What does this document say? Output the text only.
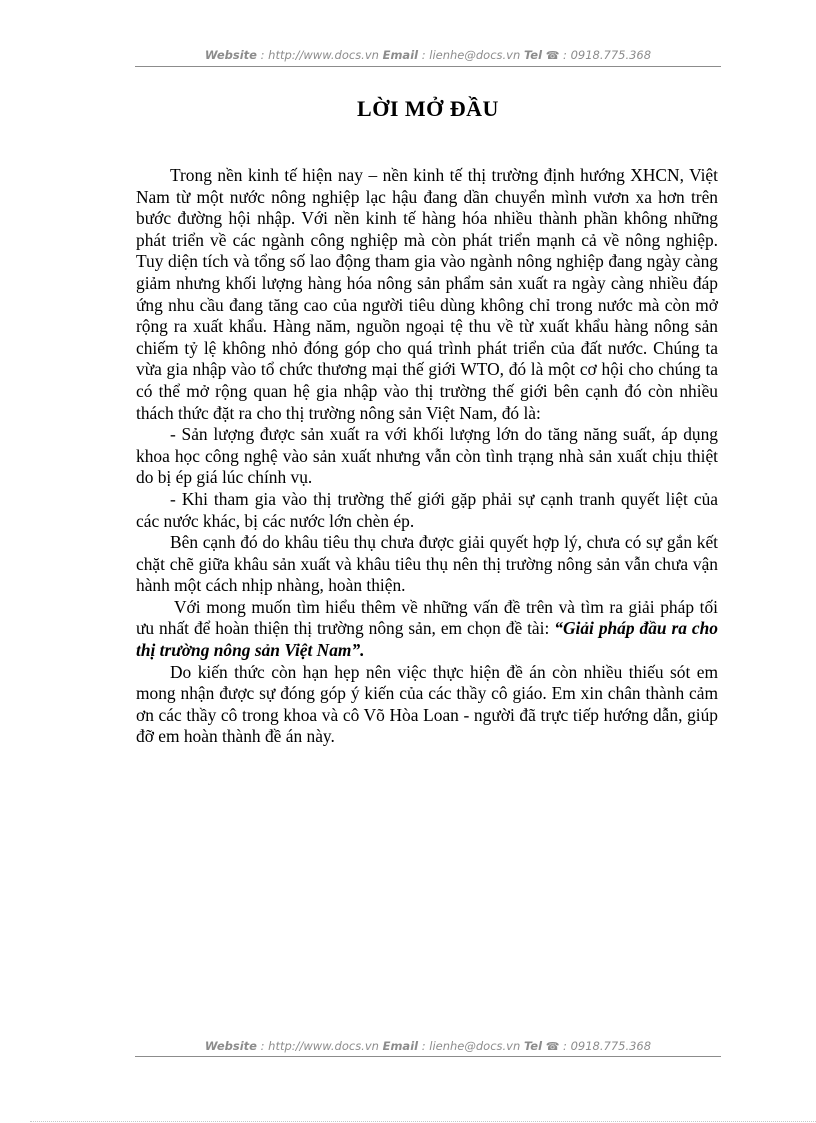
Website : http://www.docs.vn Email : lienhe@docs.vn Tel ☎ : 0918.775.368
LỜI MỞ ĐẦU

Trong nền kinh tế hiện nay – nền kinh tế thị trường định hướng XHCN, Việt Nam từ một nước nông nghiệp lạc hậu đang dần chuyển mình vươn xa hơn trên bước đường hội nhập. Với nền kinh tế hàng hóa nhiều thành phần không những phát triển về các ngành công nghiệp mà còn phát triển mạnh cả về nông nghiệp. Tuy diện tích và tổng số lao động tham gia vào ngành nông nghiệp đang ngày càng giảm nhưng khối lượng hàng hóa nông sản phẩm sản xuất ra ngày càng nhiều đáp ứng nhu cầu đang tăng cao của người tiêu dùng không chỉ trong nước mà còn mở rộng ra xuất khẩu. Hàng năm, nguồn ngoại tệ thu về từ xuất khẩu hàng nông sản chiếm tỷ lệ không nhỏ đóng góp cho quá trình phát triển của đất nước. Chúng ta vừa gia nhập vào tổ chức thương mại thế giới WTO, đó là một cơ hội cho chúng ta có thể mở rộng quan hệ gia nhập vào thị trường thế giới bên cạnh đó còn nhiều thách thức đặt ra cho thị trường nông sản Việt Nam, đó là:

- Sản lượng được sản xuất ra với khối lượng lớn do tăng năng suất, áp dụng khoa học công nghệ vào sản xuất nhưng vẫn còn tình trạng nhà sản xuất chịu thiệt do bị ép giá lúc chính vụ.

- Khi tham gia vào thị trường thế giới gặp phải sự cạnh tranh quyết liệt của các nước khác, bị các nước lớn chèn ép.

Bên cạnh đó do khâu tiêu thụ chưa được giải quyết hợp lý, chưa có sự gắn kết chặt chẽ giữa khâu sản xuất và khâu tiêu thụ nên thị trường nông sản vẫn chưa vận hành một cách nhịp nhàng, hoàn thiện.

Với mong muốn tìm hiểu thêm về những vấn đề trên và tìm ra giải pháp tối ưu nhất để hoàn thiện thị trường nông sản, em chọn đề tài: “Giải pháp đầu ra cho thị trường nông sản Việt Nam”.

Do kiến thức còn hạn hẹp nên việc thực hiện đề án còn nhiều thiếu sót em mong nhận được sự đóng góp ý kiến của các thầy cô giáo. Em xin chân thành cảm ơn các thầy cô trong khoa và cô Võ Hòa Loan - người đã trực tiếp hướng dẫn, giúp đỡ em hoàn thành đề án này.

Website : http://www.docs.vn Email : lienhe@docs.vn Tel ☎ : 0918.775.368
